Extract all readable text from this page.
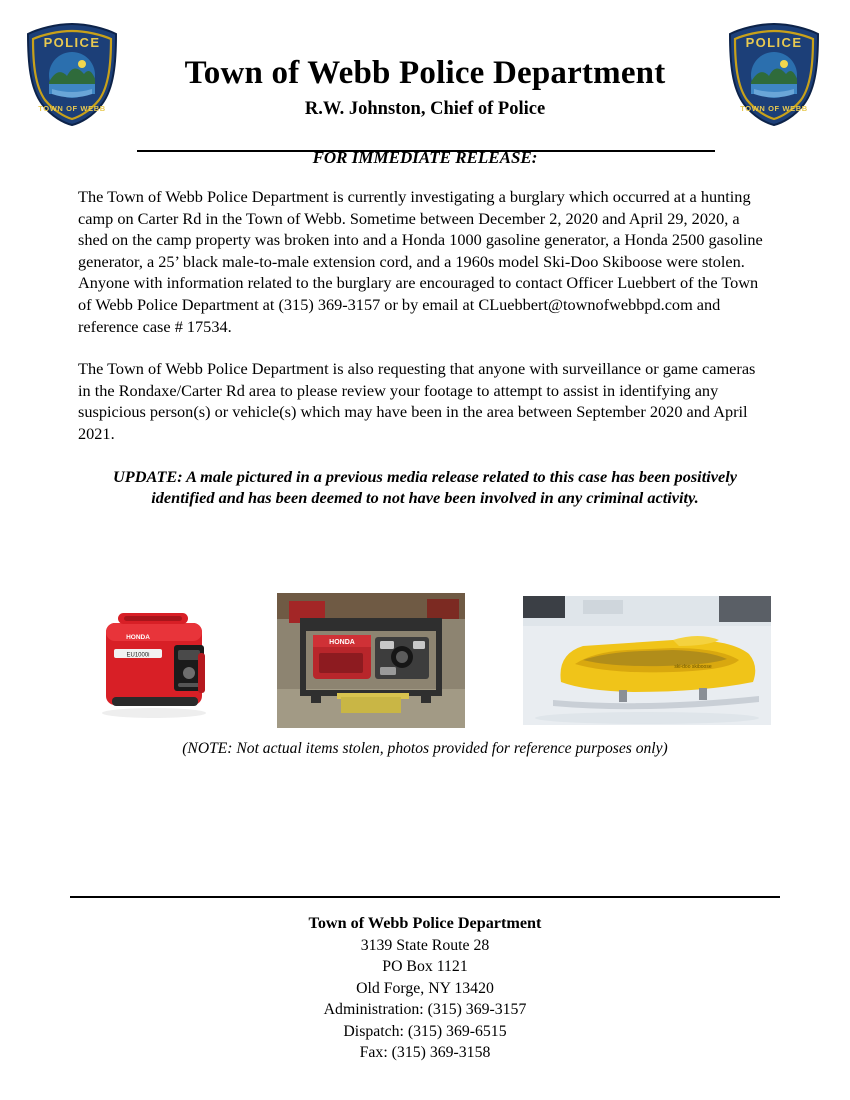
POLICE
TOWN OF WEBB
POLICE
TOWN OF WEBB
Town of Webb Police Department
R.W. Johnston, Chief of Police
FOR IMMEDIATE RELEASE:

The Town of Webb Police Department is currently investigating a burglary which occurred at a hunting camp on Carter Rd in the Town of Webb. Sometime between December 2, 2020 and April 29, 2020, a shed on the camp property was broken into and a Honda 1000 gasoline generator, a Honda 2500 gasoline generator, a 25’ black male-to-male extension cord, and a 1960s model Ski-Doo Skiboose were stolen. Anyone with information related to the burglary are encouraged to contact Officer Luebbert of the Town of Webb Police Department at (315) 369-3157 or by email at CLuebbert@townofwebbpd.com and reference case # 17534.

The Town of Webb Police Department is also requesting that anyone with surveillance or game cameras in the Rondaxe/Carter Rd area to please review your footage to attempt to assist in identifying any suspicious person(s) or vehicle(s) which may have been in the area between September 2020 and April 2021.

UPDATE: A male pictured in a previous media release related to this case has been positively identified and has been deemed to not have been involved in any criminal activity.

EU1000i
HONDA
HONDA
ski-doo skiboose
(NOTE: Not actual items stolen, photos provided for reference purposes only)
Town of Webb Police Department
3139 State Route 28
PO Box 1121
Old Forge, NY 13420
Administration: (315) 369-3157
Dispatch: (315) 369-6515
Fax: (315) 369-3158
